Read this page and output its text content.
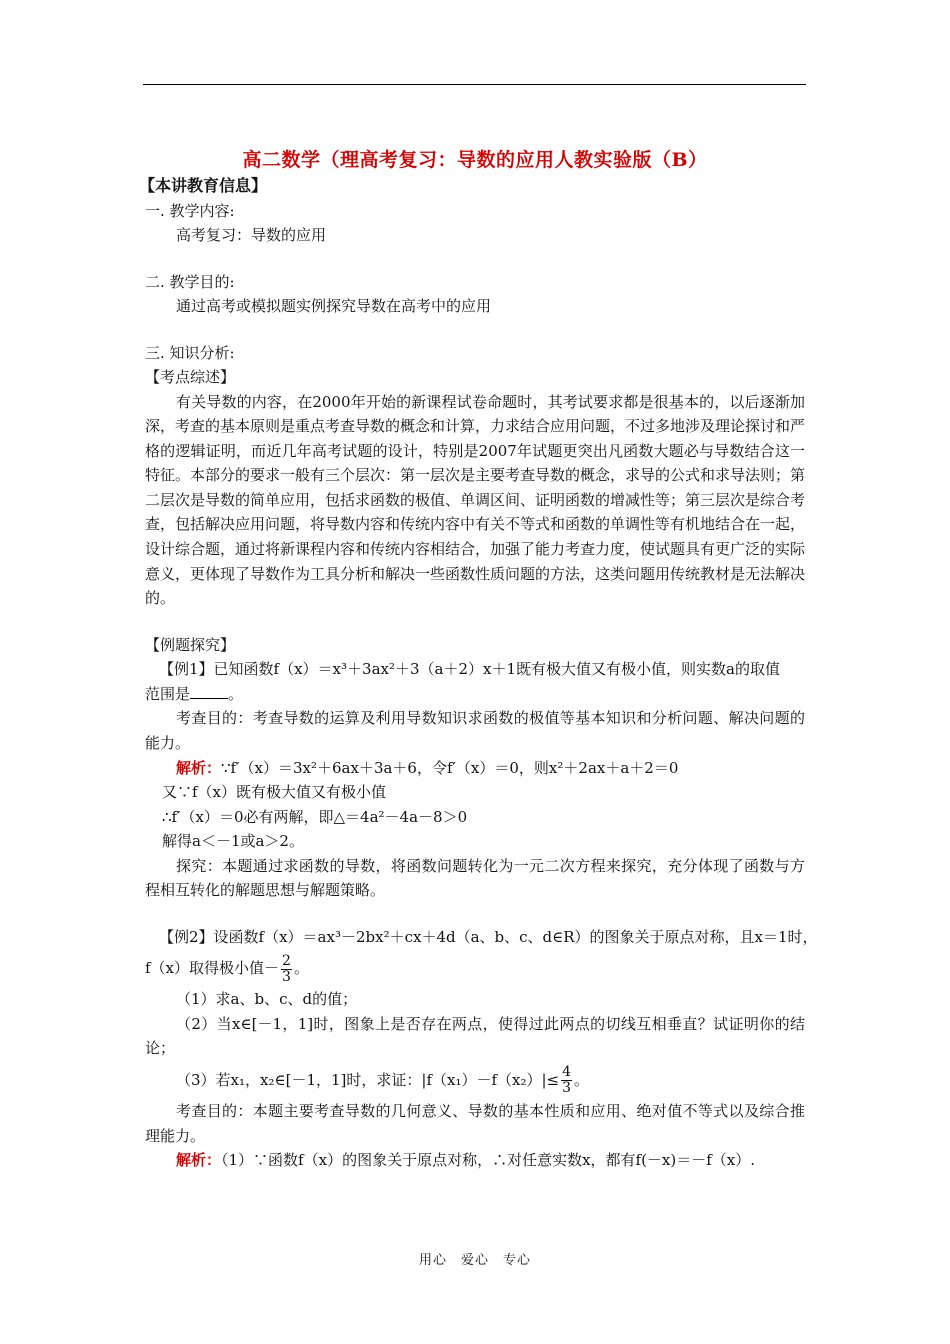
高二数学（理高考复习：导数的应用人教实验版（B）
【本讲教育信息】
一. 教学内容:
高考复习：导数的应用
二. 教学目的:
通过高考或模拟题实例探究导数在高考中的应用
三. 知识分析:
【考点综述】
有关导数的内容，在2000年开始的新课程试卷命题时，其考试要求都是很基本的，以后逐渐加深，考查的基本原则是重点考查导数的概念和计算，力求结合应用问题，不过多地涉及理论探讨和严格的逻辑证明，而近几年高考试题的设计，特别是2007年试题更突出凡函数大题必与导数结合这一特征。本部分的要求一般有三个层次：第一层次是主要考查导数的概念，求导的公式和求导法则；第二层次是导数的简单应用，包括求函数的极值、单调区间、证明函数的增减性等；第三层次是综合考查，包括解决应用问题，将导数内容和传统内容中有关不等式和函数的单调性等有机地结合在一起，设计综合题，通过将新课程内容和传统内容相结合，加强了能力考查力度，使试题具有更广泛的实际意义，更体现了导数作为工具分析和解决一些函数性质问题的方法，这类问题用传统教材是无法解决的。
【例题探究】
【例1】已知函数f（x）＝x³＋3ax²＋3（a＋2）x＋1既有极大值又有极小值，则实数a的取值
范围是	。
考查目的：考查导数的运算及利用导数知识求函数的极值等基本知识和分析问题、解决问题的能力。
解析：∵f′（x）＝3x²＋6ax＋3a＋6，令f′（x）＝0，则x²＋2ax＋a＋2＝0
又∵f（x）既有极大值又有极小值
∴f′（x）＝0必有两解，即△＝4a²－4a－8＞0
解得a＜－1或a＞2。
探究：本题通过求函数的导数，将函数问题转化为一元二次方程来探究，充分体现了函数与方程相互转化的解题思想与解题策略。
【例2】设函数f（x）＝ax³－2bx²＋cx＋4d（a、b、c、d∈R）的图象关于原点对称，且x＝1时，
f（x）取得极小值－ $\frac{2}{3}$ 。
（1）求a、b、c、d的值；
（2）当x∈[－1，1]时，图象上是否存在两点，使得过此两点的切线互相垂直？试证明你的结论；
（3）若x₁，x₂∈[－1，1]时，求证：$|f(x_1)-f(x_2)|\le \frac{4}{3}$ 。
考查目的：本题主要考查导数的几何意义、导数的基本性质和应用、绝对值不等式以及综合推理能力。
解析：（1）∵函数f（x）的图象关于原点对称，∴对任意实数x，都有f(－x)＝－f（x）.
用心　爱心　专心
